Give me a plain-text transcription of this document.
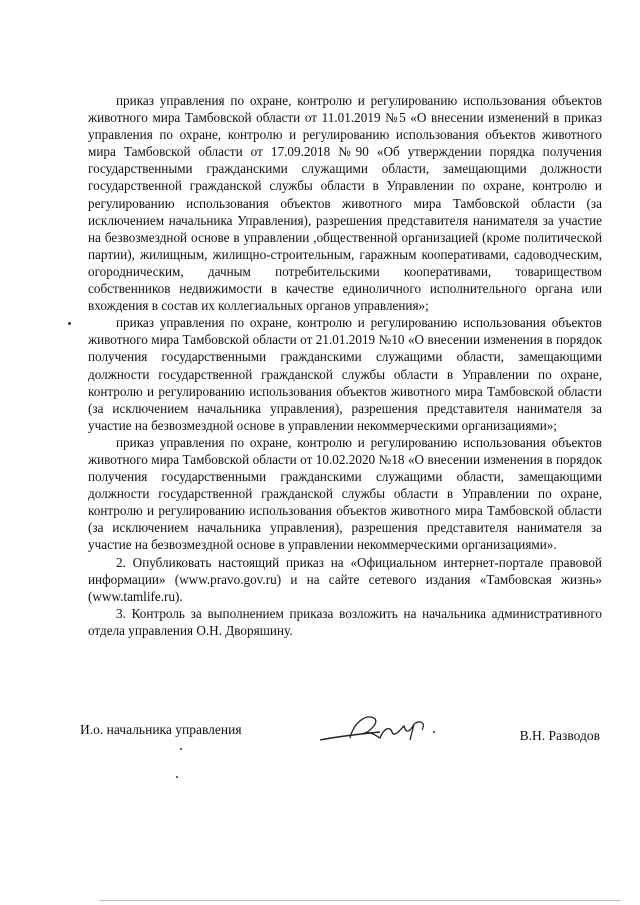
приказ управления по охране, контролю и регулированию использования объектов животного мира Тамбовской области от 11.01.2019 №5 «О внесении изменений в приказ управления по охране, контролю и регулированию использования объектов животного мира Тамбовской области от 17.09.2018 №90 «Об утверждении порядка получения государственными гражданскими служащими области, замещающими должности государственной гражданской службы области в Управлении по охране, контролю и регулированию использования объектов животного мира Тамбовской области (за исключением начальника Управления), разрешения представителя нанимателя за участие на безвозмездной основе в управлении ,общественной организацией (кроме политической партии), жилищным, жилищно-строительным, гаражным кооперативами, садоводческим, огородническим, дачным потребительскими кооперативами, товариществом собственников недвижимости в качестве единоличного исполнительного органа или вхождения в состав их коллегиальных органов управления»;

приказ управления по охране, контролю и регулированию использования объектов животного мира Тамбовской области от 21.01.2019 №10 «О внесении изменения в порядок получения государственными гражданскими служащими области, замещающими должности государственной гражданской службы области в Управлении по охране, контролю и регулированию использования объектов животного мира Тамбовской области (за исключением начальника управления), разрешения представителя нанимателя за участие на безвозмездной основе в управлении некоммерческими организациями»;

приказ управления по охране, контролю и регулированию использования объектов животного мира Тамбовской области от 10.02.2020 №18 «О внесении изменения в порядок получения государственными гражданскими служащими области, замещающими должности государственной гражданской службы области в Управлении по охране, контролю и регулированию использования объектов животного мира Тамбовской области (за исключением начальника управления), разрешения представителя нанимателя за участие на безвозмездной основе в управлении некоммерческими организациями».

2. Опубликовать настоящий приказ на «Официальном интернет-портале правовой информации» (www.pravo.gov.ru) и на сайте сетевого издания «Тамбовская жизнь» (www.tamlife.ru).

3. Контроль за выполнением приказа возложить на начальника административного отдела управления О.Н. Дворяшину.

И.о. начальника управления	В.Н. Разводов
